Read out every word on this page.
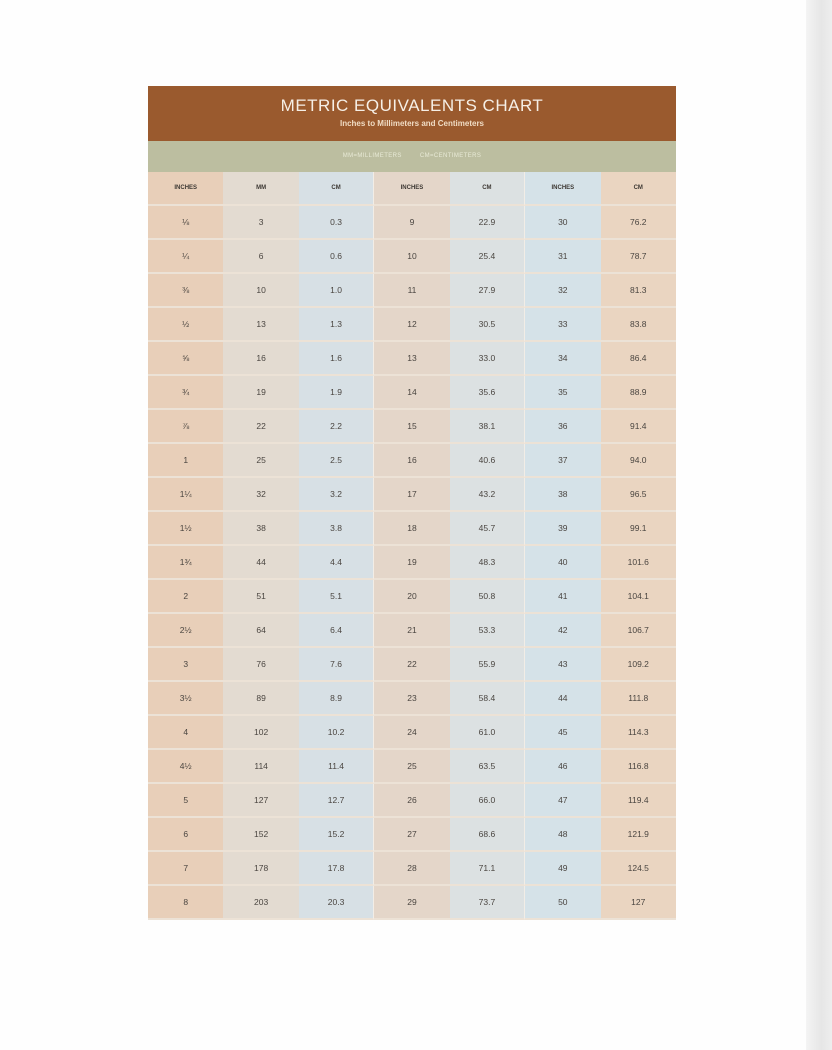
METRIC EQUIVALENTS CHART
Inches to Millimeters and Centimeters
MM=MILLIMETERS	CM=CENTIMETERS
INCHES	MM	CM	INCHES	CM	INCHES	CM
⅛	3	0.3	9	22.9	30	76.2
¼	6	0.6	10	25.4	31	78.7
⅜	10	1.0	11	27.9	32	81.3
½	13	1.3	12	30.5	33	83.8
⅝	16	1.6	13	33.0	34	86.4
¾	19	1.9	14	35.6	35	88.9
⅞	22	2.2	15	38.1	36	91.4
1	25	2.5	16	40.6	37	94.0
1¼	32	3.2	17	43.2	38	96.5
1½	38	3.8	18	45.7	39	99.1
1¾	44	4.4	19	48.3	40	101.6
2	51	5.1	20	50.8	41	104.1
2½	64	6.4	21	53.3	42	106.7
3	76	7.6	22	55.9	43	109.2
3½	89	8.9	23	58.4	44	111.8
4	102	10.2	24	61.0	45	114.3
4½	114	11.4	25	63.5	46	116.8
5	127	12.7	26	66.0	47	119.4
6	152	15.2	27	68.6	48	121.9
7	178	17.8	28	71.1	49	124.5
8	203	20.3	29	73.7	50	127
